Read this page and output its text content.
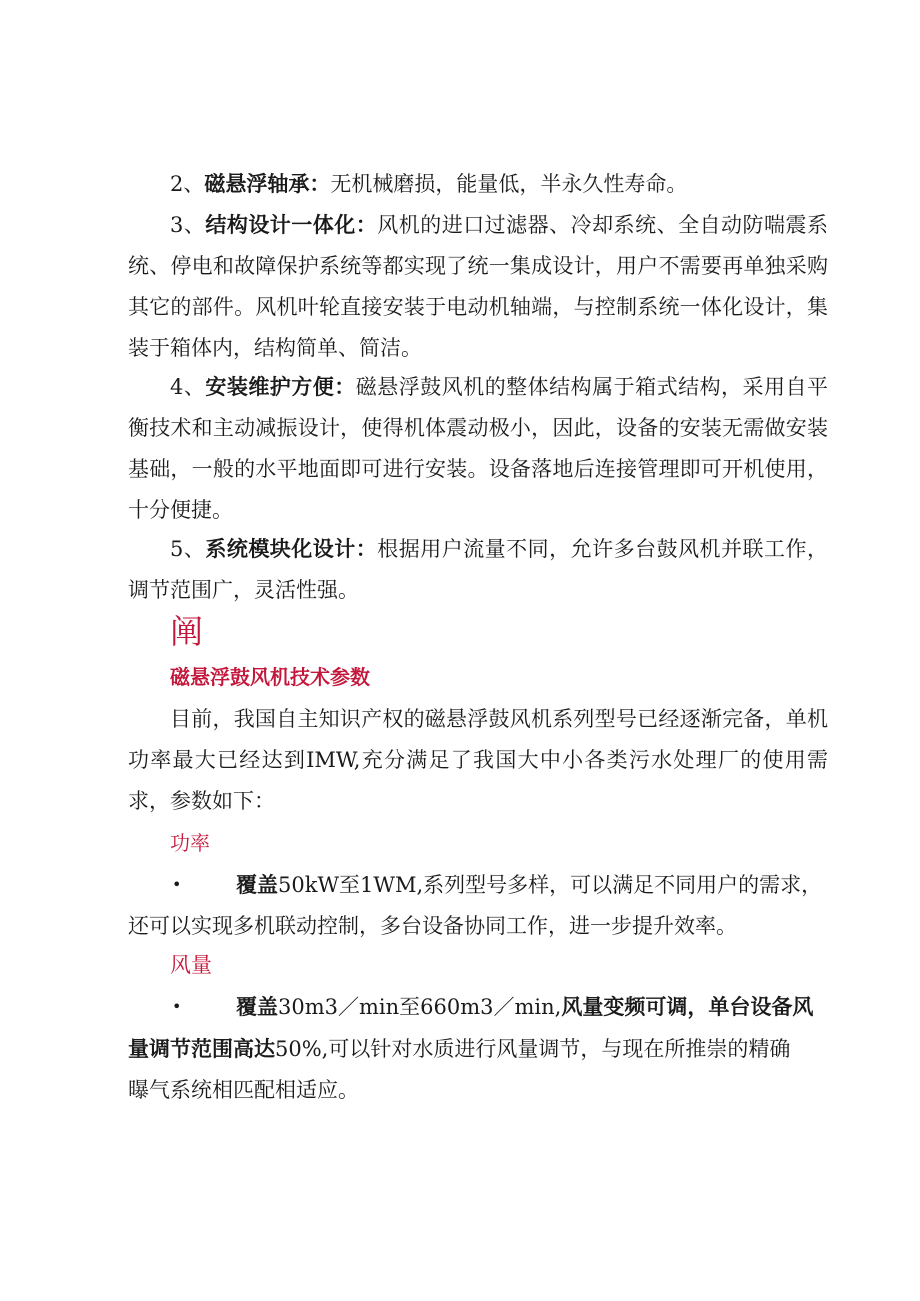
2、磁悬浮轴承：无机械磨损，能量低，半永久性寿命。

3、结构设计一体化：风机的进口过滤器、冷却系统、全自动防喘震系统、停电和故障保护系统等都实现了统一集成设计，用户不需要再单独采购其它的部件。风机叶轮直接安装于电动机轴端，与控制系统一体化设计，集装于箱体内，结构简单、简洁。

4、安装维护方便：磁悬浮鼓风机的整体结构属于箱式结构，采用自平衡技术和主动减振设计，使得机体震动极小，因此，设备的安装无需做安装基础，一般的水平地面即可进行安装。设备落地后连接管理即可开机使用，十分便捷。

5、系统模块化设计：根据用户流量不同，允许多台鼓风机并联工作，调节范围广，灵活性强。

阐
磁悬浮鼓风机技术参数

目前，我国自主知识产权的磁悬浮鼓风机系列型号已经逐渐完备，单机功率最大已经达到IMW,充分满足了我国大中小各类污水处理厂的使用需求，参数如下：

功率
•	覆盖50kW至1WM,系列型号多样，可以满足不同用户的需求，
还可以实现多机联动控制，多台设备协同工作，进一步提升效率。
风量
•	覆盖30m3／min至660m3／min,风量变频可调，单台设备风
量调节范围高达50%,可以针对水质进行风量调节，与现在所推崇的精确
曝气系统相匹配相适应。
